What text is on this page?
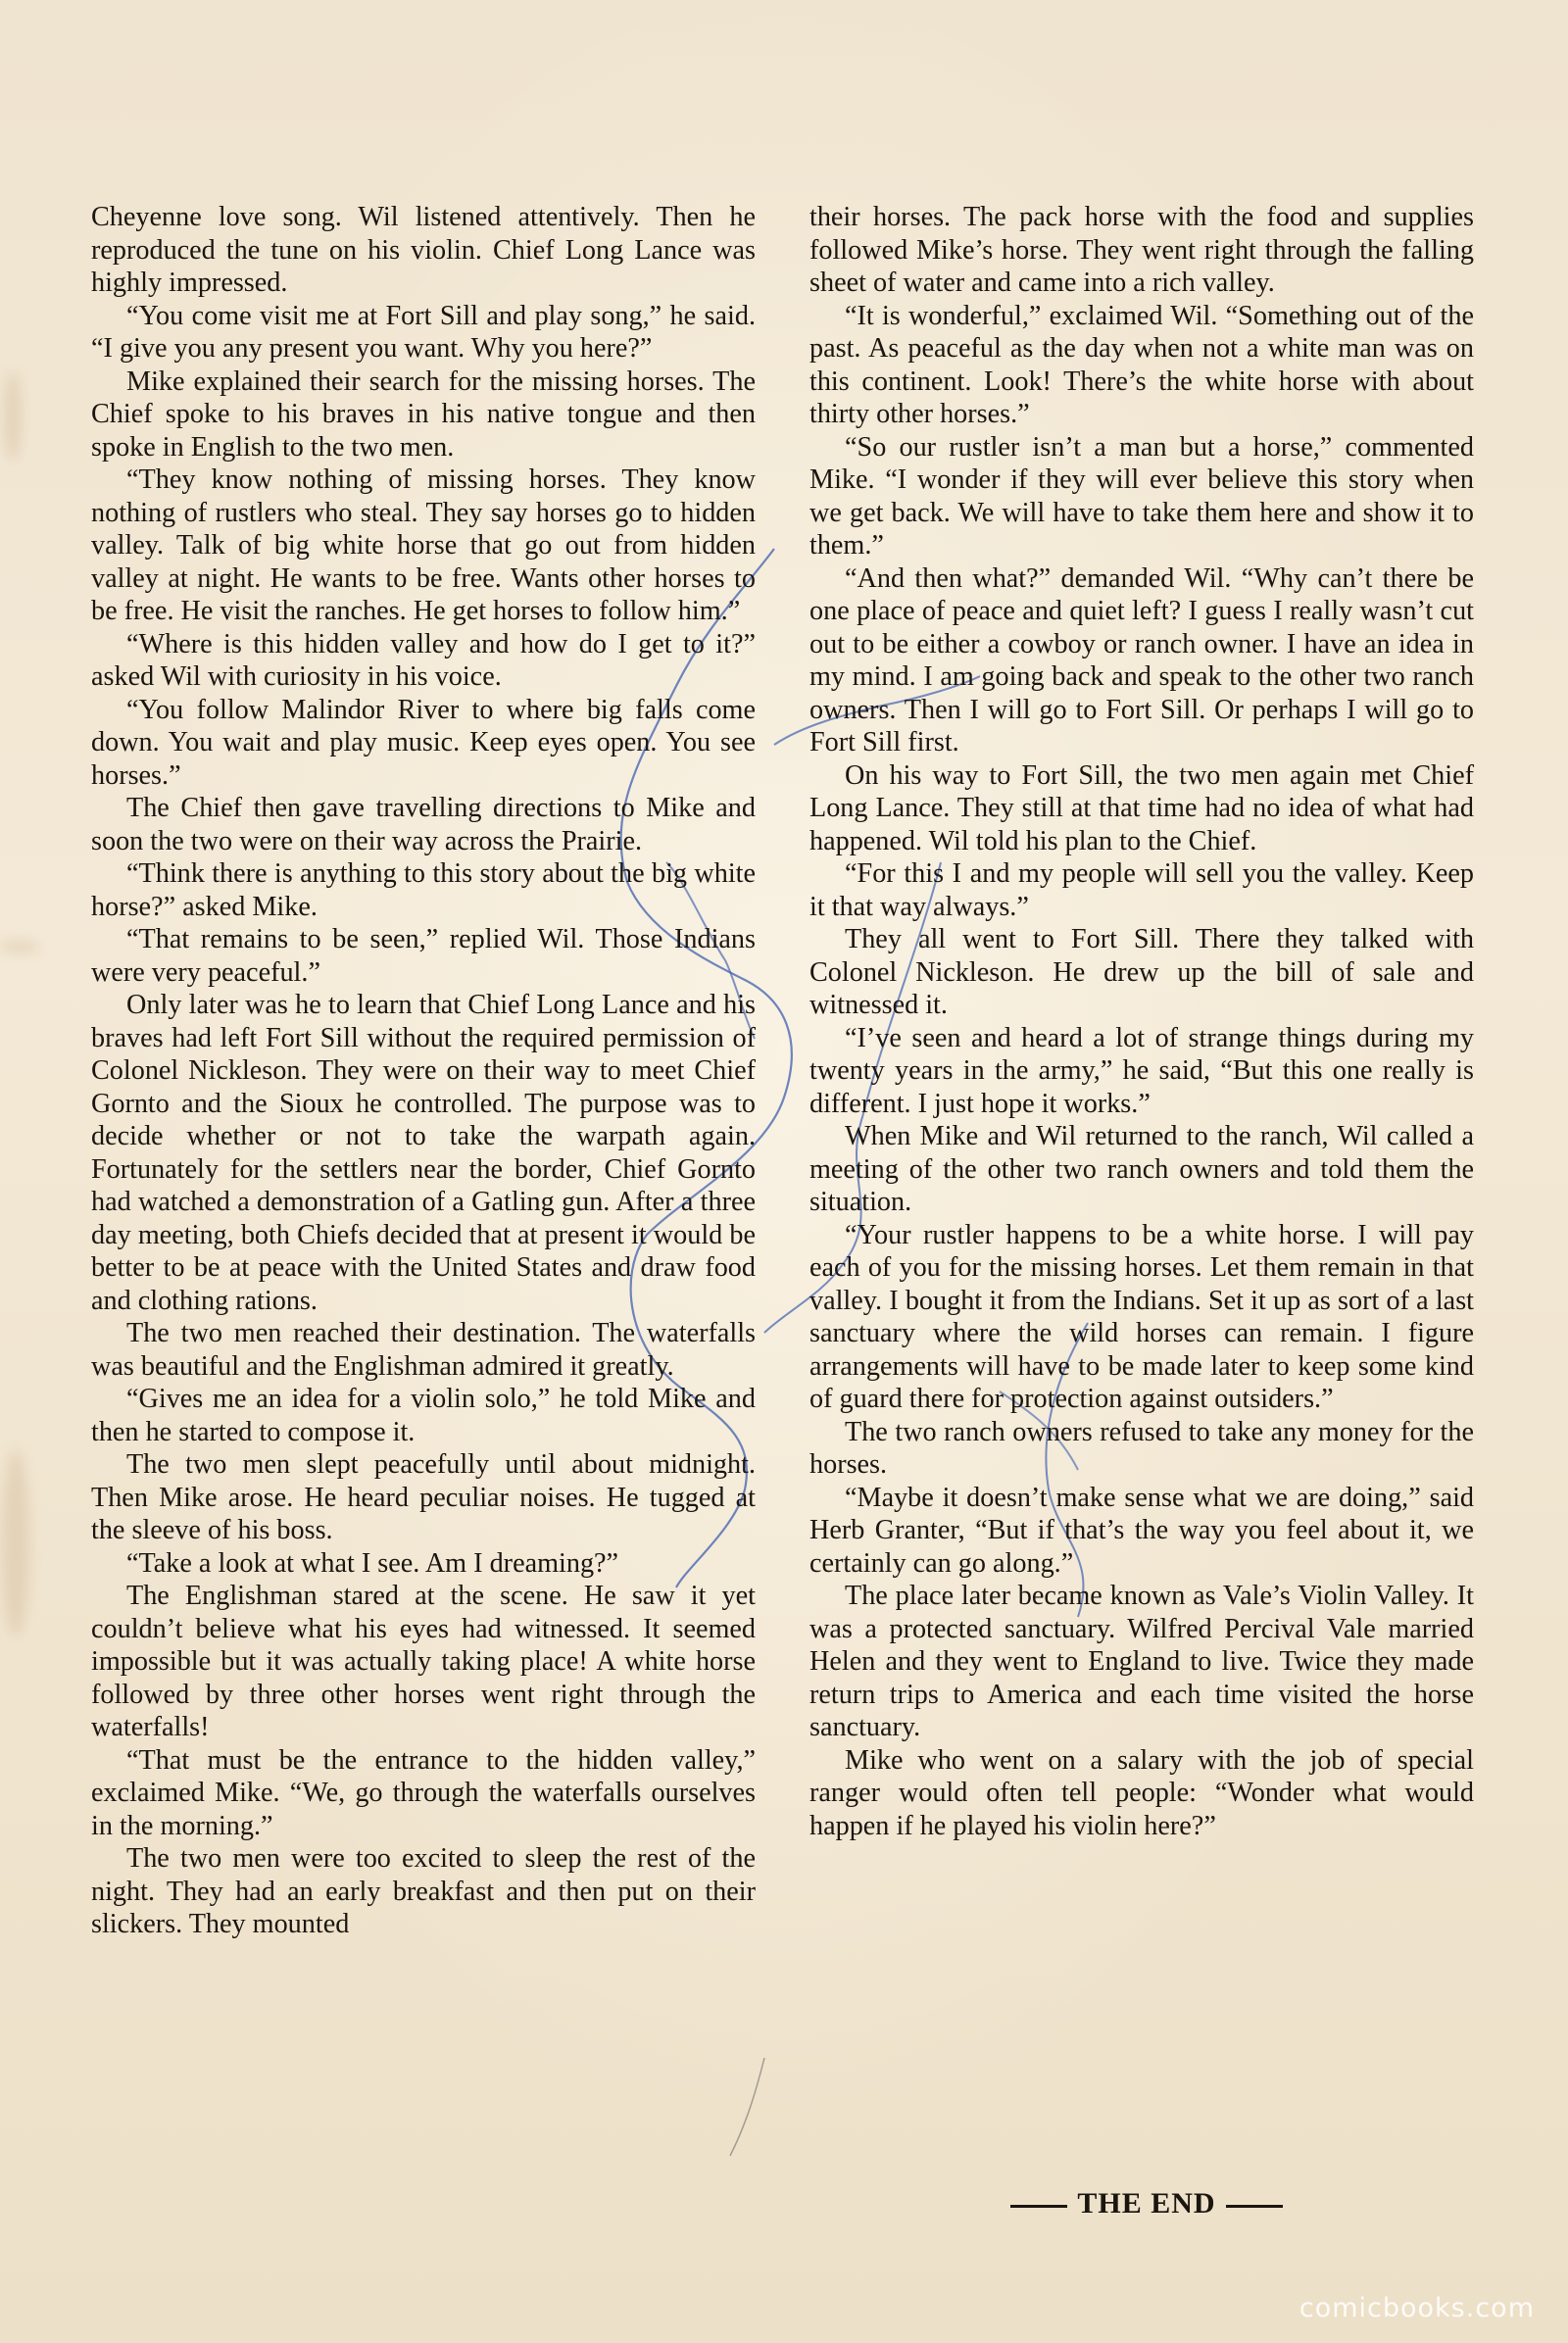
Cheyenne love song. Wil listened attentively. Then he reproduced the tune on his violin. Chief Long Lance was highly impressed.

“You come visit me at Fort Sill and play song,” he said. “I give you any present you want. Why you here?”

Mike explained their search for the missing horses. The Chief spoke to his braves in his native tongue and then spoke in English to the two men.

“They know nothing of missing horses. They know nothing of rustlers who steal. They say horses go to hidden valley. Talk of big white horse that go out from hidden valley at night. He wants to be free. Wants other horses to be free. He visit the ranches. He get horses to follow him.”

“Where is this hidden valley and how do I get to it?” asked Wil with curiosity in his voice.

“You follow Malindor River to where big falls come down. You wait and play music. Keep eyes open. You see horses.”

The Chief then gave travelling directions to Mike and soon the two were on their way across the Prairie.

“Think there is anything to this story about the big white horse?” asked Mike.

“That remains to be seen,” replied Wil. Those Indians were very peaceful.”

Only later was he to learn that Chief Long Lance and his braves had left Fort Sill without the required permission of Colonel Nickleson. They were on their way to meet Chief Gornto and the Sioux he controlled. The purpose was to decide whether or not to take the warpath again. Fortunately for the settlers near the border, Chief Gornto had watched a demonstration of a Gatling gun. After a three day meeting, both Chiefs decided that at present it would be better to be at peace with the United States and draw food and clothing rations.

The two men reached their destination. The waterfalls was beautiful and the Englishman admired it greatly.

“Gives me an idea for a violin solo,” he told Mike and then he started to compose it.

The two men slept peacefully until about midnight. Then Mike arose. He heard peculiar noises. He tugged at the sleeve of his boss.

“Take a look at what I see. Am I dreaming?”

The Englishman stared at the scene. He saw it yet couldn’t believe what his eyes had witnessed. It seemed impossible but it was actually taking place! A white horse followed by three other horses went right through the waterfalls!

“That must be the entrance to the hidden valley,” exclaimed Mike. “We, go through the waterfalls ourselves in the morning.”

The two men were too excited to sleep the rest of the night. They had an early breakfast and then put on their slickers. They mounted

their horses. The pack horse with the food and supplies followed Mike’s horse. They went right through the falling sheet of water and came into a rich valley.

“It is wonderful,” exclaimed Wil. “Something out of the past. As peaceful as the day when not a white man was on this continent. Look! There’s the white horse with about thirty other horses.”

“So our rustler isn’t a man but a horse,” commented Mike. “I wonder if they will ever believe this story when we get back. We will have to take them here and show it to them.”

“And then what?” demanded Wil. “Why can’t there be one place of peace and quiet left? I guess I really wasn’t cut out to be either a cowboy or ranch owner. I have an idea in my mind. I am going back and speak to the other two ranch owners. Then I will go to Fort Sill. Or perhaps I will go to Fort Sill first.

On his way to Fort Sill, the two men again met Chief Long Lance. They still at that time had no idea of what had happened. Wil told his plan to the Chief.

“For this I and my people will sell you the valley. Keep it that way always.”

They all went to Fort Sill. There they talked with Colonel Nickleson. He drew up the bill of sale and witnessed it.

“I’ve seen and heard a lot of strange things during my twenty years in the army,” he said, “But this one really is different. I just hope it works.”

When Mike and Wil returned to the ranch, Wil called a meeting of the other two ranch owners and told them the situation.

“Your rustler happens to be a white horse. I will pay each of you for the missing horses. Let them remain in that valley. I bought it from the Indians. Set it up as sort of a last sanctuary where the wild horses can remain. I figure arrangements will have to be made later to keep some kind of guard there for protection against outsiders.”

The two ranch owners refused to take any money for the horses.

“Maybe it doesn’t make sense what we are doing,” said Herb Granter, “But if that’s the way you feel about it, we certainly can go along.”

The place later became known as Vale’s Violin Valley. It was a protected sanctuary. Wilfred Percival Vale married Helen and they went to England to live. Twice they made return trips to America and each time visited the horse sanctuary.

Mike who went on a salary with the job of special ranger would often tell people: “Wonder what would happen if he played his violin here?”

THE END
comicbooks.com
